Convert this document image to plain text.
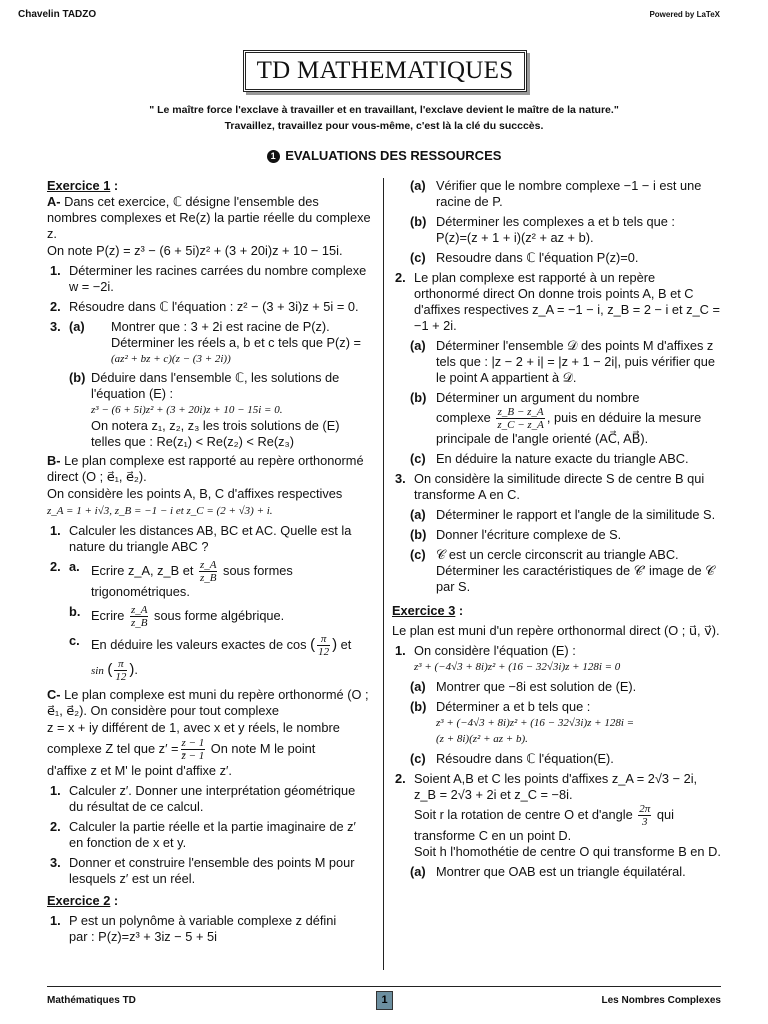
Chavelin TADZO	Powered by LaTeX
TD MATHEMATIQUES
" Le maître force l'exclave à travailler et en travaillant, l'exclave devient le maître de la nature."
Travaillez, travaillez pour vous-même, c'est là la clé du succcès.
1 EVALUATIONS DES RESSOURCES

Exercice 1 :

A- Dans cet exercice, ℂ désigne l'ensemble des nombres complexes et Re(z) la partie réelle du complexe z.

On note P(z) = z³ − (6 + 5i)z² + (3 + 20i)z + 10 − 15i.

1. Déterminer les racines carrées du nombre complexe w = −2i.
2. Résoudre dans ℂ l'équation : z² − (3 + 3i)z + 5i = 0.
3. (a)	Montrer que : 3 + 2i est racine de P(z).
Déterminer les réels a, b et c tels que P(z) =
(az² + bz + c)(z − (3 + 2i))
(b) Déduire dans l'ensemble ℂ, les solutions de l'équation (E) :
z³ − (6 + 5i)z² + (3 + 20i)z + 10 − 15i = 0.
On notera z₁, z₂, z₃ les trois solutions de (E) telles que : Re(z₁) < Re(z₂) < Re(z₃)

B- Le plan complexe est rapporté au repère orthonormé direct (O ; e⃗₁, e⃗₂).

On considère les points A, B, C d'affixes respectives

z_A = 1 + i√3, z_B = −1 − i et z_C = (2 + √3) + i.

1. Calculer les distances AB, BC et AC. Quelle est la nature du triangle ABC ?
2. a. Ecrire z_A, z_B et $\frac{z\_A}{z\_B}$ sous formes trigonométriques.
b. Ecrire $\frac{z\_A}{z\_B}$ sous forme algébrique.
c. En déduire les valeurs exactes de cos ( $\frac{\pi}{12}$ ) et
sin ( $\frac{\pi}{12}$ ).

C- Le plan complexe est muni du repère orthonormé (O ; e⃗₁, e⃗₂). On considère pour tout complexe

z = x + iy différent de 1, avec x et y réels, le nombre

complexe Z tel que $z' = \frac{z - 1}{z̄ - 1}$ On note M le point

d'affixe z et M' le point d'affixe z′.

1. Calculer z′. Donner une interprétation géométrique du résultat de ce calcul.
2. Calculer la partie réelle et la partie imaginaire de z′ en fonction de x et y.
3. Donner et construire l'ensemble des points M pour lesquels z′ est un réel.

Exercice 2 :

1. P est un polynôme à variable complexe z défini
par : P(z)=z³ + 3iz − 5 + 5i
(a) Vérifier que le nombre complexe −1 − i est une racine de P.
(b) Déterminer les complexes a et b tels que :
P(z)=(z + 1 + i)(z² + az + b).
(c) Resoudre dans ℂ l'équation P(z)=0.
2. Le plan complexe est rapporté à un repère orthonormé direct On donne trois points A, B et C d'affixes respectives z_A = −1 − i, z_B = 2 − i et z_C = −1 + 2i.
(a) Déterminer l'ensemble 𝒟 des points M d'affixes z tels que : |z − 2 + i| = |z + 1 − 2i|, puis vérifier que le point A appartient à 𝒟.
(b) Déterminer un argument du nombre
complexe $\frac{z\_B - z\_A}{z\_C - z\_A}$ , puis en déduire la mesure
principale de l'angle orienté (AC⃗, AB⃗).
(c) En déduire la nature exacte du triangle ABC.
3. On considère la similitude directe S de centre B qui transforme A en C.
(a) Déterminer le rapport et l'angle de la similitude S.
(b) Donner l'écriture complexe de S.
(c) 𝒞 est un cercle circonscrit au triangle ABC. Déterminer les caractéristiques de 𝒞′ image de 𝒞 par S.

Exercice 3 :

Le plan est muni d'un repère orthonormal direct (O ; u⃗, v⃗).

1. On considère l'équation (E) :
z³ + (−4√3 + 8i)z² + (16 − 32√3i)z + 128i = 0
(a) Montrer que −8i est solution de (E).
(b) Déterminer a et b tels que :
z³ + (−4√3 + 8i)z² + (16 − 32√3i)z + 128i =
(z + 8i)(z² + az + b).
(c) Résoudre dans ℂ l'équation(E).
2. Soient A,B et C les points d'affixes z_A = 2√3 − 2i,
z_B = 2√3 + 2i et z_C = −8i.
Soit r la rotation de centre O et d'angle $\frac{2\pi}{3}$ qui
transforme C en un point D.
Soit h l'homothétie de centre O qui transforme B en D.
(a) Montrer que OAB est un triangle équilatéral.
Mathématiques TD	1	Les Nombres Complexes
